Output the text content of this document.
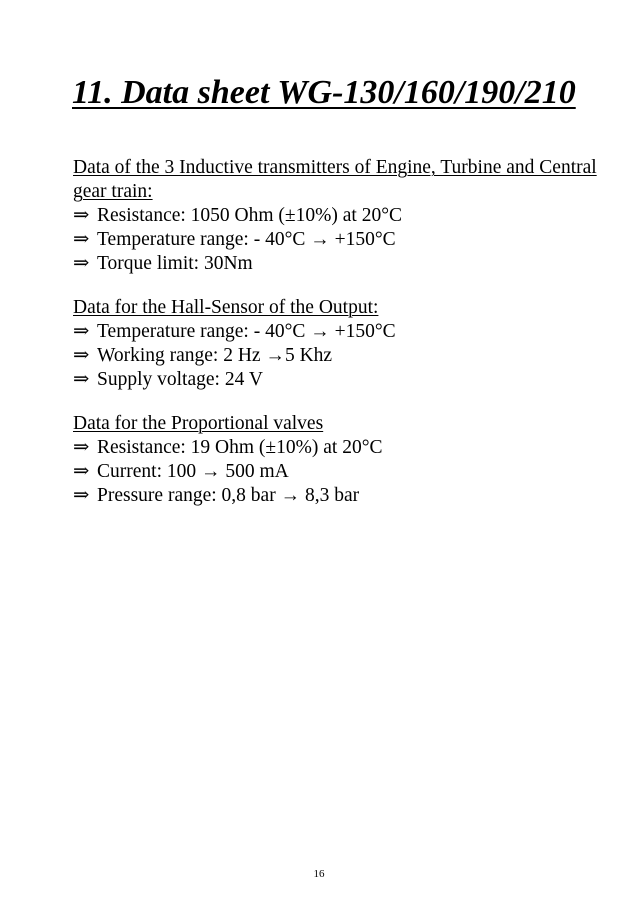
11. Data sheet WG-130/160/190/210
Data of the 3 Inductive transmitters of Engine, Turbine and Central gear train:
⇒ Resistance: 1050 Ohm (±10%) at 20°C
⇒ Temperature range: - 40°C → +150°C
⇒ Torque limit: 30Nm
Data for the Hall-Sensor of the Output:
⇒ Temperature range: - 40°C → +150°C
⇒ Working range: 2 Hz →5 Khz
⇒ Supply voltage: 24 V
Data for the Proportional valves
⇒ Resistance: 19 Ohm (±10%) at 20°C
⇒ Current: 100 → 500 mA
⇒ Pressure range: 0,8 bar → 8,3 bar
16
